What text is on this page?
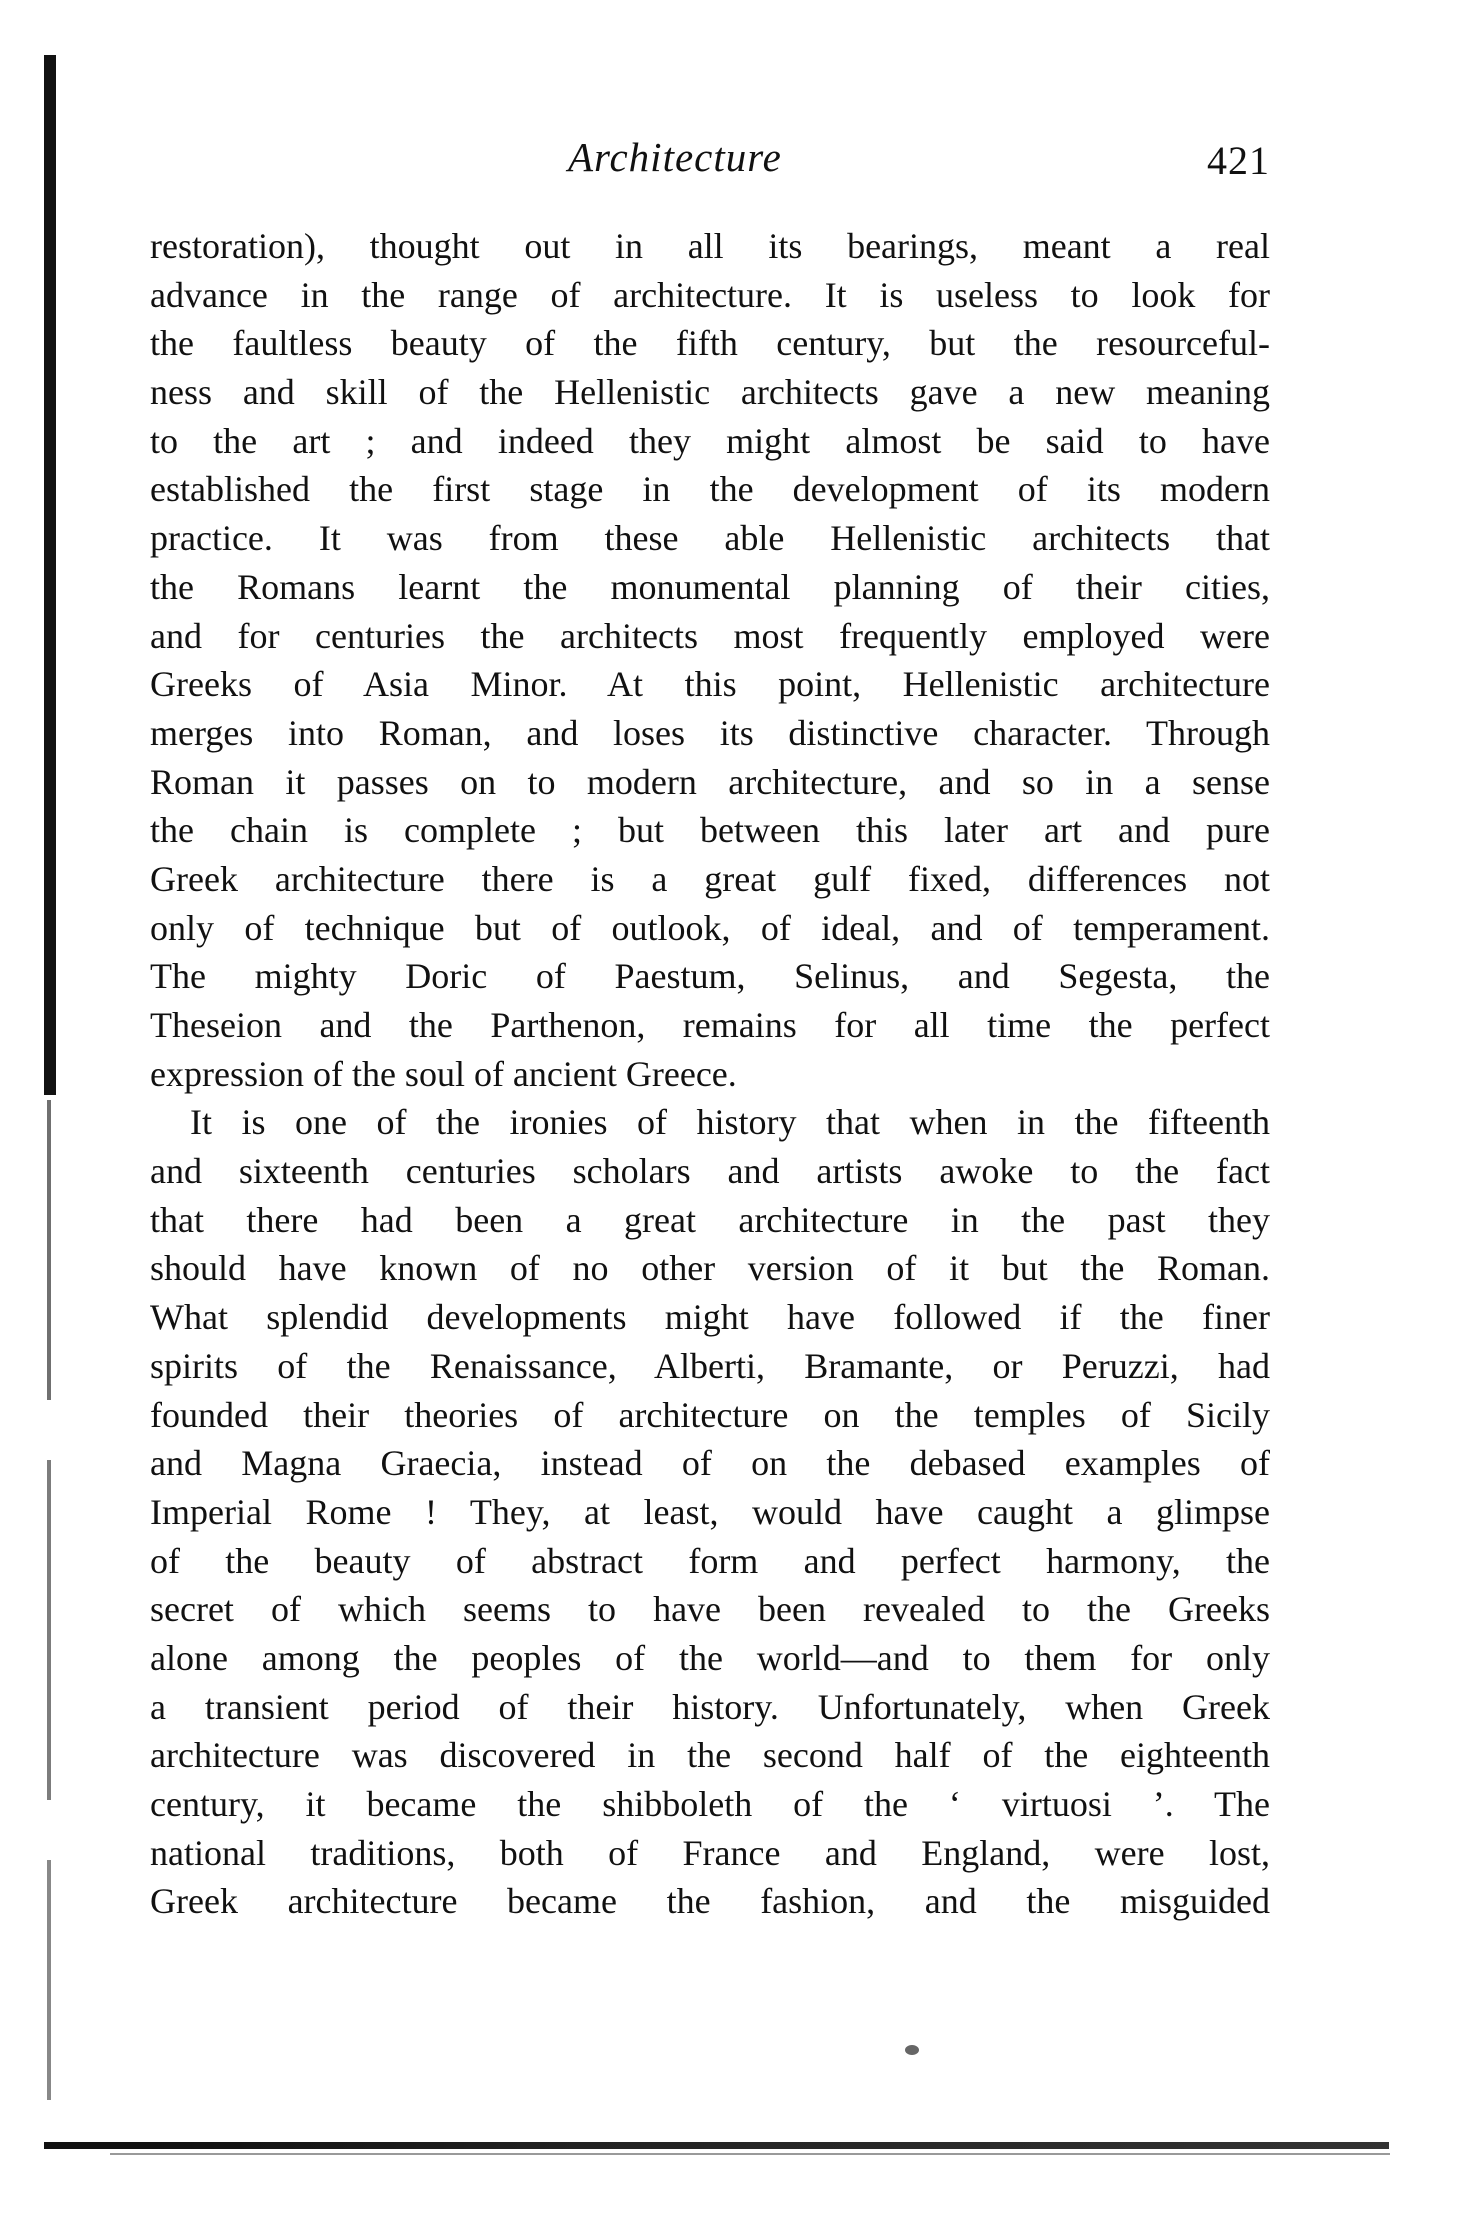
Architecture	421
restoration), thought out in all its bearings, meant a real
advance in the range of architecture. It is useless to look for
the faultless beauty of the fifth century, but the resourceful-
ness and skill of the Hellenistic architects gave a new meaning
to the art ; and indeed they might almost be said to have
established the first stage in the development of its modern
practice. It was from these able Hellenistic architects that
the Romans learnt the monumental planning of their cities,
and for centuries the architects most frequently employed were
Greeks of Asia Minor. At this point, Hellenistic architecture
merges into Roman, and loses its distinctive character. Through
Roman it passes on to modern architecture, and so in a sense
the chain is complete ; but between this later art and pure
Greek architecture there is a great gulf fixed, differences not
only of technique but of outlook, of ideal, and of temperament.
The mighty Doric of Paestum, Selinus, and Segesta, the
Theseion and the Parthenon, remains for all time the perfect
expression of the soul of ancient Greece.
It is one of the ironies of history that when in the fifteenth
and sixteenth centuries scholars and artists awoke to the fact
that there had been a great architecture in the past they
should have known of no other version of it but the Roman.
What splendid developments might have followed if the finer
spirits of the Renaissance, Alberti, Bramante, or Peruzzi, had
founded their theories of architecture on the temples of Sicily
and Magna Graecia, instead of on the debased examples of
Imperial Rome ! They, at least, would have caught a glimpse
of the beauty of abstract form and perfect harmony, the
secret of which seems to have been revealed to the Greeks
alone among the peoples of the world—and to them for only
a transient period of their history. Unfortunately, when Greek
architecture was discovered in the second half of the eighteenth
century, it became the shibboleth of the ‘ virtuosi ’. The
national traditions, both of France and England, were lost,
Greek architecture became the fashion, and the misguided
